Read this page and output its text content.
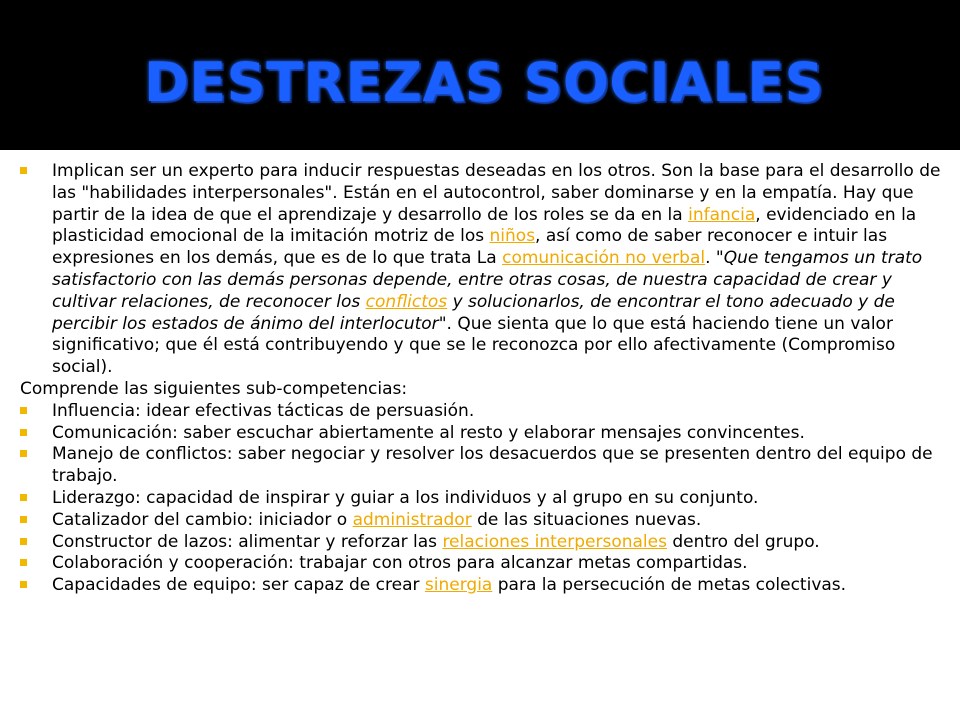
DESTREZAS SOCIALES
Implican ser un experto para inducir respuestas deseadas en los otros. Son la base para el desarrollo de las "habilidades interpersonales". Están en el autocontrol, saber dominarse y en la empatía. Hay que partir de la idea de que el aprendizaje y desarrollo de los roles se da en la infancia, evidenciado en la plasticidad emocional de la imitación motriz de los niños, así como de saber reconocer e intuir las expresiones en los demás, que es de lo que trata La comunicación no verbal. "Que tengamos un trato satisfactorio con las demás personas depende, entre otras cosas, de nuestra capacidad de crear y cultivar relaciones, de reconocer los conflictos y solucionarlos, de encontrar el tono adecuado y de percibir los estados de ánimo del interlocutor". Que sienta que lo que está haciendo tiene un valor significativo; que él está contribuyendo y que se le reconozca por ello afectivamente (Compromiso social).
Comprende las siguientes sub-competencias:
Influencia: idear efectivas tácticas de persuasión.
Comunicación: saber escuchar abiertamente al resto y elaborar mensajes convincentes.
Manejo de conflictos: saber negociar y resolver los desacuerdos que se presenten dentro del equipo de trabajo.
Liderazgo: capacidad de inspirar y guiar a los individuos y al grupo en su conjunto.
Catalizador del cambio: iniciador o administrador de las situaciones nuevas.
Constructor de lazos: alimentar y reforzar las relaciones interpersonales dentro del grupo.
Colaboración y cooperación: trabajar con otros para alcanzar metas compartidas.
Capacidades de equipo: ser capaz de crear sinergia para la persecución de metas colectivas.
